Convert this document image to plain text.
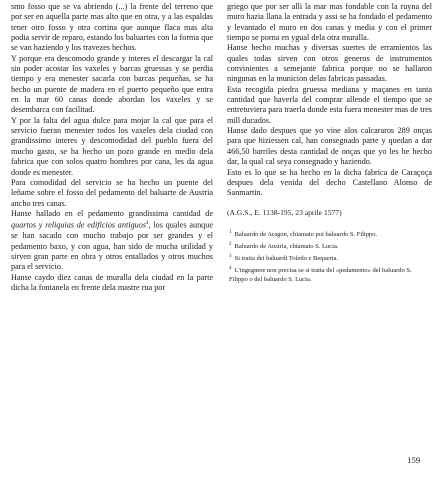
smo fosso que se va abriendo (...) la frente del terreno que por ser en aquella parte mas alto que en otra, y a las espaldas tener otro fosso y otra cortina que aunque flaca mas alta podia servir de reparo, estando los baluartes con la forma que se van haziendo y los travezes hechos.

Y porque era descomodo grande y interes el descargar la cal sin poder acostar los vaxeles y barcas gruessas y se perdia tiempo y era menester sacarla con barcas pequeñas, se ha hecho un puente de madera en el puerto pequeño que entra en la mar 60 canas donde abordan los vaxeles y se desembarca con facilitad.

Y por la falta del agua dulce para mojar la cal que para el servicio fueran menester todos los vaxeles dela ciudad con grandissimo interes y descomodidad del pueblo fuera del mucho gasto, se ha hecho un pozo grande en medio dela fabrica que con solos quatro hombres por cana, les da agua donde es menester.

Para comodidad del servicio se ha hecho un puente del leñame sobre el fosso del pedamento del baluarte de Austria ancho tres canas.

Hanse hallado en el pedamento grandissima cantidad de quartos y reliquias de edificios antiguos$^4$, los quales aunque se han sacado con mucho trabajo por ser grandes y el pedamento baxo, y con agua, han sido de mucha utilidad y sirven gran parte en obra y otros entallados y otros muchos para el servicio.

Hanse caydo diez canas de muralla dela ciudad en la parte dicha la fontanela en frente dela mastre rua por

griego que por ser alli la mar mas fondable con la ruyna del muro hazia llana la entrada y assi se ha fondado el pedamento y levantado el muro en dos canas y media y con el primer tiempo se porna en ygual dela otra muralla.

Hanse hecho muchas y diversas suertes de erramientos las quales todas sirven con otros generos de instrumentos convinientes a semejante fabrica porque no se hallaron ningunas en la municion delas fabricas passadas.

Esta recogida piedra gruessa mediana y maçanes en tanta cantidad que haverla del comprar allende el tiempo que se entretuviera para traerla donde esta fuera menester mas de tres mill ducados.

Hanse dado despues que yo vine alos calcararos 289 onças para que hiziessen cal, han consegnado parte y quedan a dar 466,50 barriles desta cantidad de onças que yo les he hecho dar, la qual cal seya consegnado y haziendo.

Esto es lo que se ha hecho en la dicha fabrica de Caraçoça despues dela venida del decho Castellano Alonso de Sanmartin.

(A.G.S., E. 1138-195, 23 aprile 1577)

$^1$ Baluardo de Aragon, chiamato poi baluardo S. Filippo.

$^2$ Baluardo de Austria, chiamato S. Lucia.

$^3$ Si tratta dei baluardi Toledo e Bequeria.

$^4$ L'ingegnere non precisa se si tratta del «pedamento» del baluardo S. Filippo o del baluardo S. Lucia.

159
